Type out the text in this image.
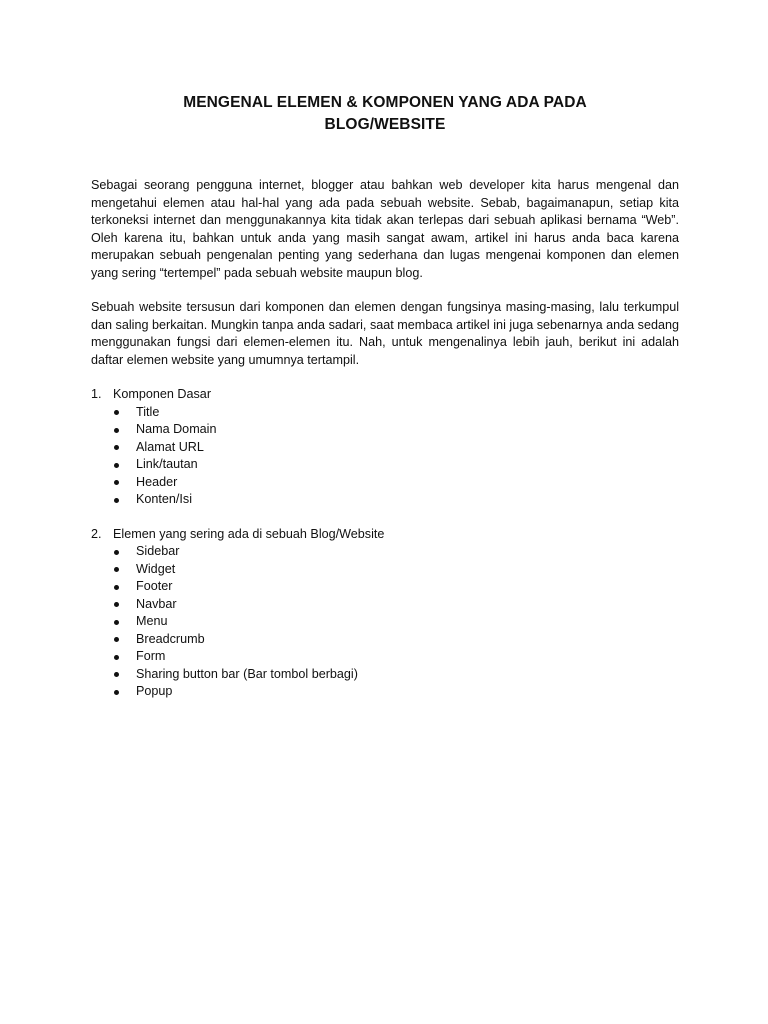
MENGENAL ELEMEN & KOMPONEN YANG ADA PADA
BLOG/WEBSITE

Sebagai seorang pengguna internet, blogger atau bahkan web developer kita harus mengenal dan mengetahui elemen atau hal-hal yang ada pada sebuah website. Sebab, bagaimanapun, setiap kita terkoneksi internet dan menggunakannya kita tidak akan terlepas dari sebuah aplikasi bernama “Web”. Oleh karena itu, bahkan untuk anda yang masih sangat awam, artikel ini harus anda baca karena merupakan sebuah pengenalan penting yang sederhana dan lugas mengenai komponen dan elemen yang sering “tertempel” pada sebuah website maupun blog.

Sebuah website tersusun dari komponen dan elemen dengan fungsinya masing-masing, lalu terkumpul dan saling berkaitan. Mungkin tanpa anda sadari, saat membaca artikel ini juga sebenarnya anda sedang menggunakan fungsi dari elemen-elemen itu. Nah, untuk mengenalinya lebih jauh, berikut ini adalah daftar elemen website yang umumnya tertampil.

1. Komponen Dasar
Title
Nama Domain
Alamat URL
Link/tautan
Header
Konten/Isi
2. Elemen yang sering ada di sebuah Blog/Website
Sidebar
Widget
Footer
Navbar
Menu
Breadcrumb
Form
Sharing button bar (Bar tombol berbagi)
Popup
